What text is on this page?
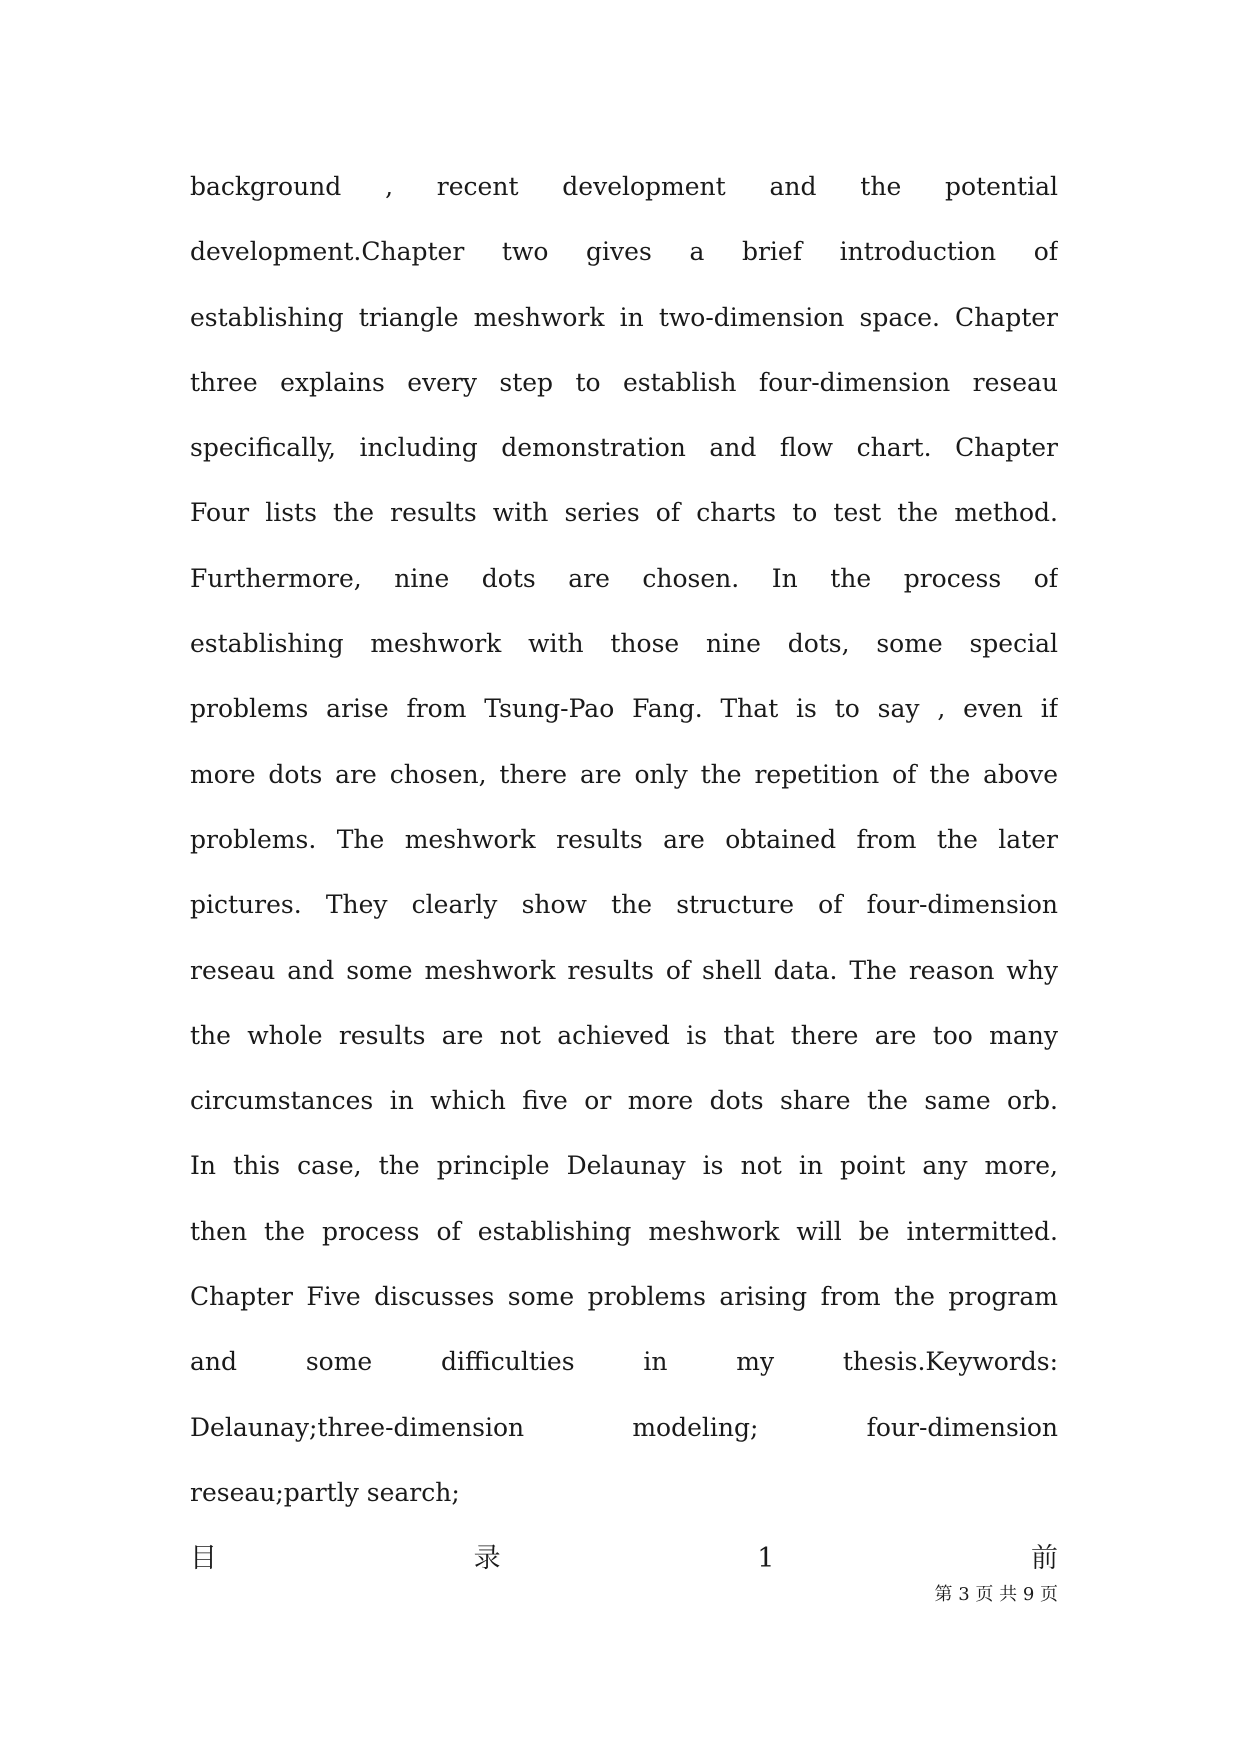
background , recent development and the potential
development.Chapter two gives a brief introduction of
establishing triangle meshwork in two-dimension space. Chapter
three explains every step to establish four-dimension reseau
specifically, including demonstration and flow chart. Chapter
Four lists the results with series of charts to test the method.
Furthermore, nine dots are chosen. In the process of
establishing meshwork with those nine dots, some special
problems arise from Tsung-Pao Fang. That is to say , even if
more dots are chosen, there are only the repetition of the above
problems. The meshwork results are obtained from the later
pictures. They clearly show the structure of four-dimension
reseau and some meshwork results of shell data. The reason why
the whole results are not achieved is that there are too many
circumstances in which five or more dots share the same orb.
In this case, the principle Delaunay is not in point any more,
then the process of establishing meshwork will be intermitted.
Chapter Five discusses some problems arising from the program
and some difficulties in my thesis.Keywords:
Delaunay;three-dimension modeling; four-dimension
reseau;partly search;
目	录	1	前
第 3 页 共 9 页
